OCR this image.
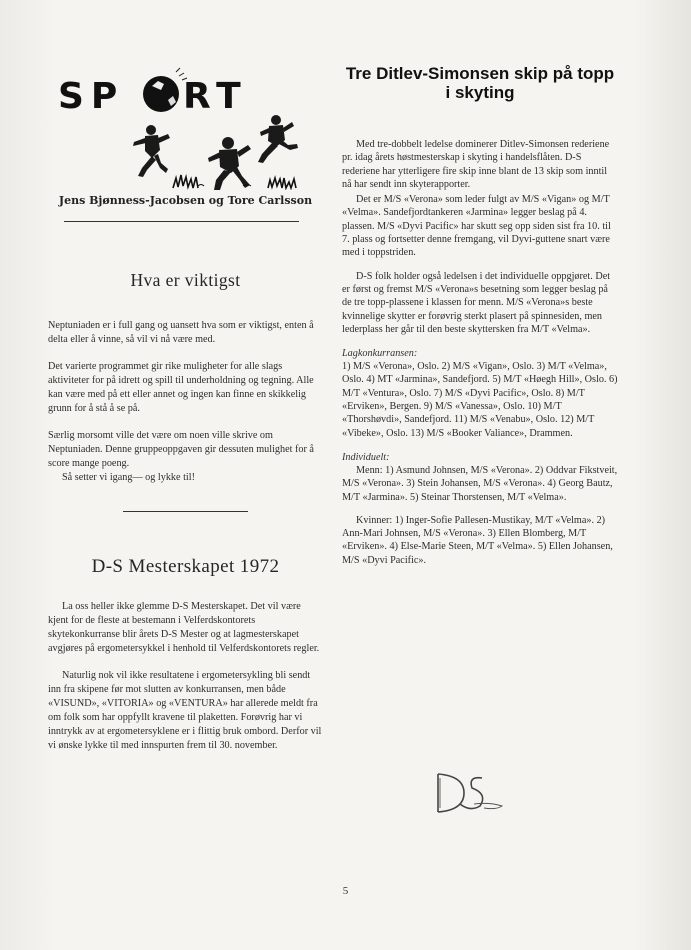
SP RT
Jens Bjønness-Jacobsen og Tore Carlsson
Hva er viktigst

Neptuniaden er i full gang og uansett hva som er viktigst, enten å delta eller å vinne, så vil vi nå være med.

Det varierte programmet gir rike muligheter for alle slags aktiviteter for på idrett og spill til underholdning og tegning. Alle kan være med på ett eller annet og ingen kan finne en skikkelig grunn for å stå å se på.

Særlig morsomt ville det være om noen ville skrive om Neptuniaden. Denne gruppeoppgaven gir dessuten mulighet for å score mange poeng.

Så setter vi igang— og lykke til!

D-S Mesterskapet 1972

La oss heller ikke glemme D-S Mesterskapet. Det vil være kjent for de fleste at bestemann i Velferdskontorets skytekonkurranse blir årets D-S Mester og at lagmesterskapet avgjøres på ergometersykkel i henhold til Velferdskontorets regler.

Naturlig nok vil ikke resultatene i ergometersykling bli sendt inn fra skipene før mot slutten av konkurransen, men både «VISUND», «VITORIA» og «VENTURA» har allerede meldt fra om folk som har oppfyllt kravene til plaketten. Forøvrig har vi inntrykk av at ergometersyklene er i flittig bruk ombord. Derfor vil vi ønske lykke til med innspurten frem til 30. november.

Tre Ditlev-Simonsen skip på topp i skyting

Med tre-dobbelt ledelse dominerer Ditlev-Simonsen rederiene pr. idag årets høstmesterskap i skyting i handelsflåten. D-S rederiene har ytterligere fire skip inne blant de 13 skip som inntil nå har sendt inn skyterapporter.

Det er M/S «Verona» som leder fulgt av M/S «Vigan» og M/T «Velma». Sandefjordtankeren «Jarmina» legger beslag på 4. plassen. M/S «Dyvi Pacific» har skutt seg opp siden sist fra 10. til 7. plass og fortsetter denne fremgang, vil Dyvi-guttene snart være med i toppstriden.

D-S folk holder også ledelsen i det individuelle oppgjøret. Det er først og fremst M/S «Verona»s besetning som legger beslag på de tre topp-plassene i klassen for menn. M/S «Verona»s beste kvinnelige skytter er forøvrig sterkt plasert på spinnesiden, men lederplass her går til den beste skyttersken fra M/T «Velma».

Lagkonkurransen:

1) M/S «Verona», Oslo. 2) M/S «Vigan», Oslo. 3) M/T «Velma», Oslo. 4) MT «Jarmina», Sandefjord. 5) M/T «Høegh Hill», Oslo. 6) M/T «Ventura», Oslo. 7) M/S «Dyvi Pacific», Oslo. 8) M/T «Erviken», Bergen. 9) M/S «Vanessa», Oslo. 10) M/T «Thorshøvdi», Sandefjord. 11) M/S «Venabu», Oslo. 12) M/T «Vibeke», Oslo. 13) M/S «Booker Valiance», Drammen.

Individuelt:

Menn: 1) Asmund Johnsen, M/S «Verona». 2) Oddvar Fikstveit, M/S «Verona». 3) Stein Johansen, M/S «Verona». 4) Georg Bautz, M/T «Jarmina». 5) Steinar Thorstensen, M/T «Velma».

Kvinner: 1) Inger-Sofie Pallesen-Mustikay, M/T «Velma». 2) Ann-Mari Johnsen, M/S «Verona». 3) Ellen Blomberg, M/T «Erviken». 4) Else-Marie Steen, M/T «Velma». 5) Ellen Johansen, M/S «Dyvi Pacific».

5
